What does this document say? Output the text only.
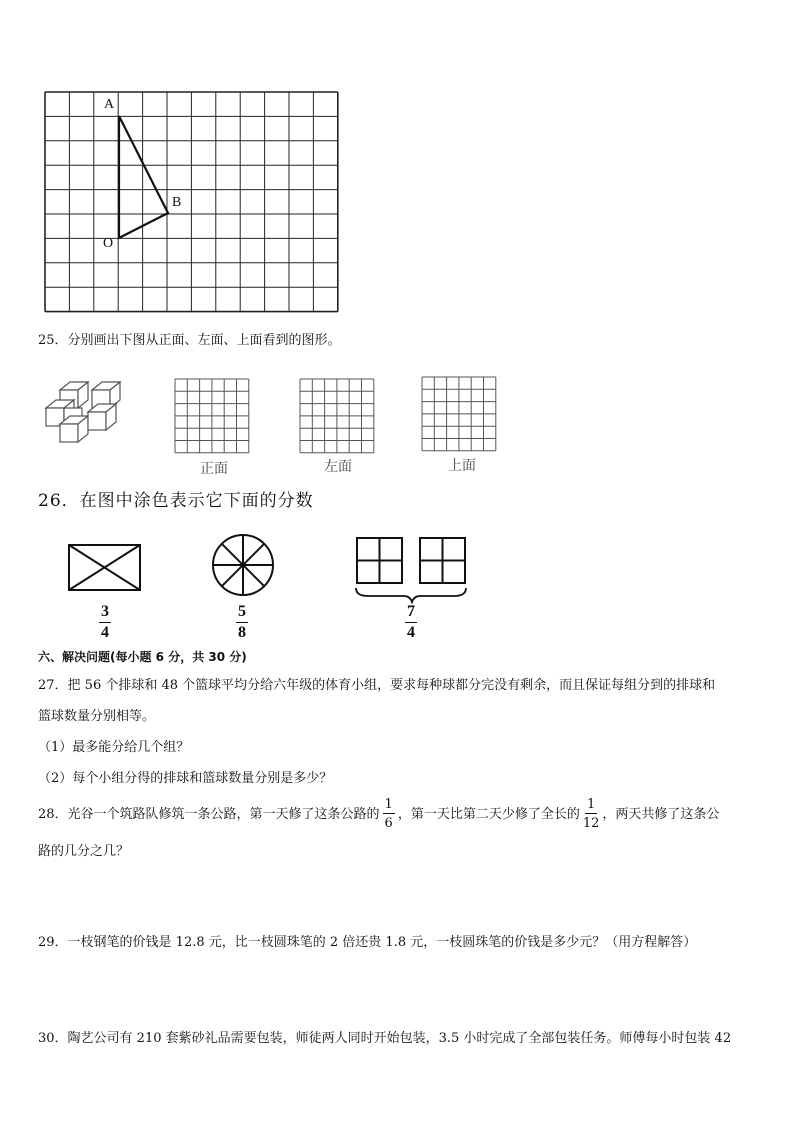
A
B
O
25．分别画出下图从正面、左面、上面看到的图形。
正面	左面	上面
26．在图中涂色表示它下面的分数
$\frac{3}{4}$	$\frac{5}{8}$	$\frac{7}{4}$
六、解决问题(每小题 6 分，共 30 分)
27．把 56 个排球和 48 个篮球平均分给六年级的体育小组，要求每种球都分完没有剩余，而且保证每组分到的排球和
篮球数量分别相等。
（1）最多能分给几个组？
（2）每个小组分得的排球和篮球数量分别是多少？
28．光谷一个筑路队修筑一条公路，第一天修了这条公路的 $\frac{1}{6}$ ，第一天比第二天少修了全长的 $\frac{1}{12}$ ，两天共修了这条公
路的几分之几？
29．一枝钢笔的价钱是 12.8 元，比一枝圆珠笔的 2 倍还贵 1.8 元，一枝圆珠笔的价钱是多少元？（用方程解答）
30．陶艺公司有 210 套紫砂礼品需要包装，师徒两人同时开始包装，3.5 小时完成了全部包装任务。师傅每小时包装 42
